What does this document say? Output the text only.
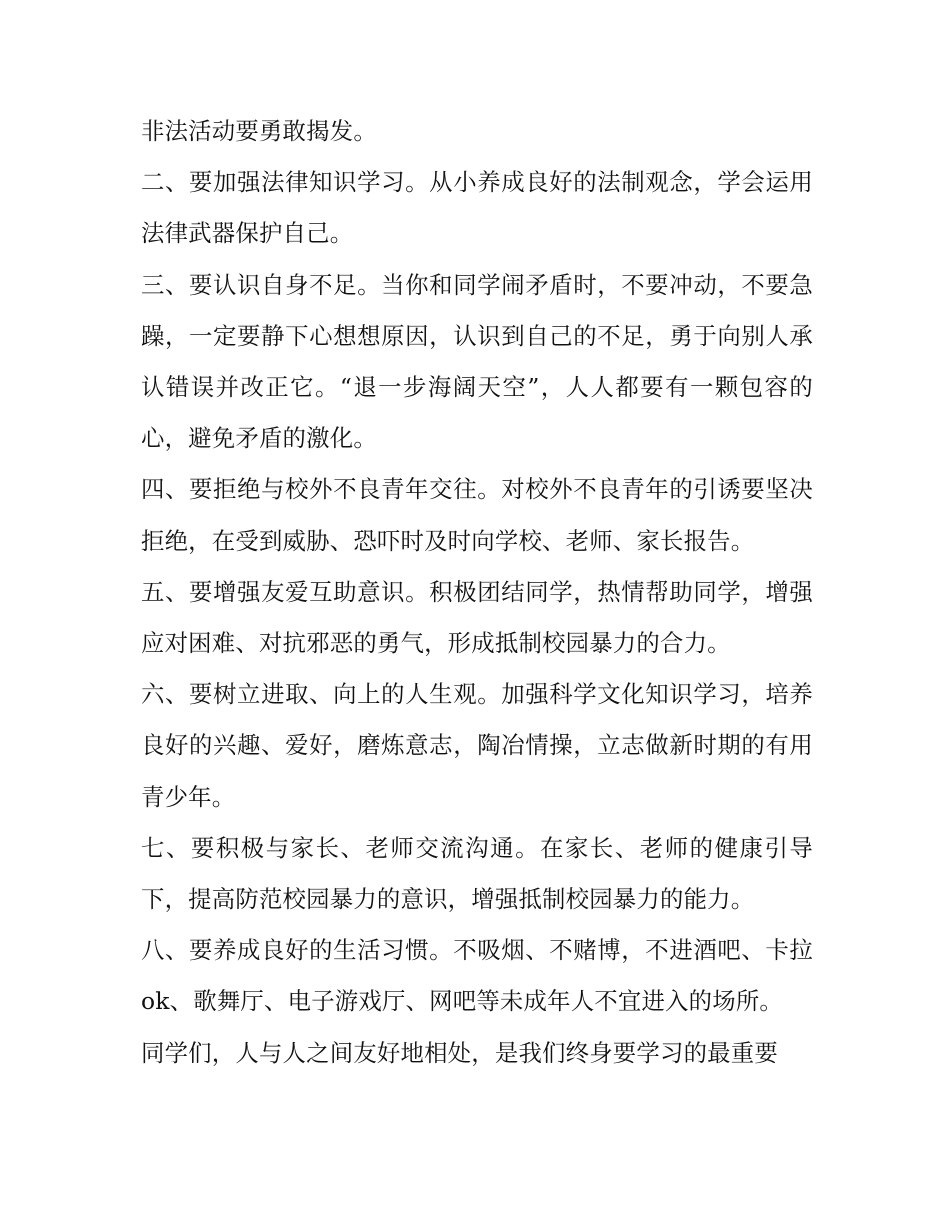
非法活动要勇敢揭发。

二、要加强法律知识学习。从小养成良好的法制观念，学会运用法律武器保护自己。

三、要认识自身不足。当你和同学闹矛盾时，不要冲动，不要急躁，一定要静下心想想原因，认识到自己的不足，勇于向别人承认错误并改正它。“退一步海阔天空”，人人都要有一颗包容的心，避免矛盾的激化。

四、要拒绝与校外不良青年交往。对校外不良青年的引诱要坚决拒绝，在受到威胁、恐吓时及时向学校、老师、家长报告。

五、要增强友爱互助意识。积极团结同学，热情帮助同学，增强应对困难、对抗邪恶的勇气，形成抵制校园暴力的合力。

六、要树立进取、向上的人生观。加强科学文化知识学习，培养良好的兴趣、爱好，磨炼意志，陶冶情操，立志做新时期的有用青少年。

七、要积极与家长、老师交流沟通。在家长、老师的健康引导下，提高防范校园暴力的意识，增强抵制校园暴力的能力。

八、要养成良好的生活习惯。不吸烟、不赌博，不进酒吧、卡拉 ok、歌舞厅、电子游戏厅、网吧等未成年人不宜进入的场所。

同学们，人与人之间友好地相处，是我们终身要学习的最重要
